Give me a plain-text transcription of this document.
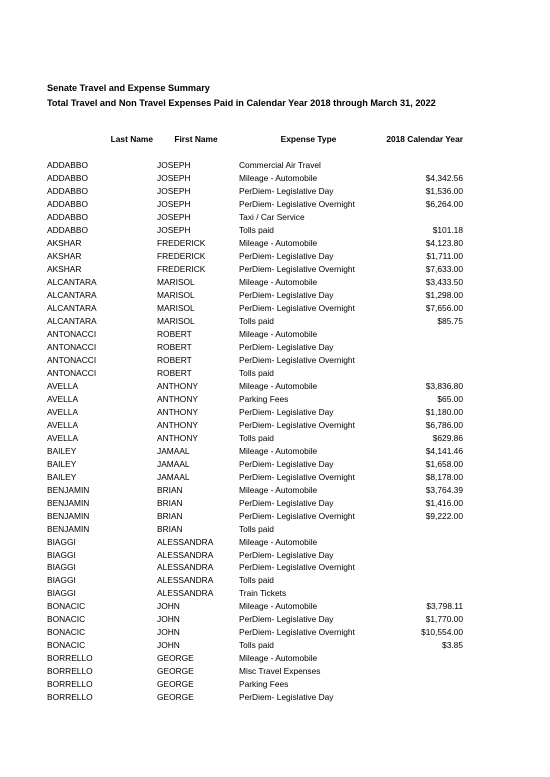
Senate Travel and Expense Summary
Total Travel and Non Travel Expenses Paid in Calendar Year 2018 through March 31, 2022
Last Name	First Name	Expense Type	2018 Calendar Year

ADDABBO	JOSEPH	Commercial Air Travel	
ADDABBO	JOSEPH	Mileage - Automobile	$4,342.56
ADDABBO	JOSEPH	PerDiem- Legislative Day	$1,536.00
ADDABBO	JOSEPH	PerDiem- Legislative Overnight	$6,264.00
ADDABBO	JOSEPH	Taxi / Car Service	
ADDABBO	JOSEPH	Tolls paid	$101.18
AKSHAR	FREDERICK	Mileage - Automobile	$4,123.80
AKSHAR	FREDERICK	PerDiem- Legislative Day	$1,711.00
AKSHAR	FREDERICK	PerDiem- Legislative Overnight	$7,633.00
ALCANTARA	MARISOL	Mileage - Automobile	$3,433.50
ALCANTARA	MARISOL	PerDiem- Legislative Day	$1,298.00
ALCANTARA	MARISOL	PerDiem- Legislative Overnight	$7,656.00
ALCANTARA	MARISOL	Tolls paid	$85.75
ANTONACCI	ROBERT	Mileage - Automobile	
ANTONACCI	ROBERT	PerDiem- Legislative Day	
ANTONACCI	ROBERT	PerDiem- Legislative Overnight	
ANTONACCI	ROBERT	Tolls paid	
AVELLA	ANTHONY	Mileage - Automobile	$3,836.80
AVELLA	ANTHONY	Parking Fees	$65.00
AVELLA	ANTHONY	PerDiem- Legislative Day	$1,180.00
AVELLA	ANTHONY	PerDiem- Legislative Overnight	$6,786.00
AVELLA	ANTHONY	Tolls paid	$629.86
BAILEY	JAMAAL	Mileage - Automobile	$4,141.46
BAILEY	JAMAAL	PerDiem- Legislative Day	$1,658.00
BAILEY	JAMAAL	PerDiem- Legislative Overnight	$8,178.00
BENJAMIN	BRIAN	Mileage - Automobile	$3,764.39
BENJAMIN	BRIAN	PerDiem- Legislative Day	$1,416.00
BENJAMIN	BRIAN	PerDiem- Legislative Overnight	$9,222.00
BENJAMIN	BRIAN	Tolls paid	
BIAGGI	ALESSANDRA	Mileage - Automobile	
BIAGGI	ALESSANDRA	PerDiem- Legislative Day	
BIAGGI	ALESSANDRA	PerDiem- Legislative Overnight	
BIAGGI	ALESSANDRA	Tolls paid	
BIAGGI	ALESSANDRA	Train Tickets	
BONACIC	JOHN	Mileage - Automobile	$3,798.11
BONACIC	JOHN	PerDiem- Legislative Day	$1,770.00
BONACIC	JOHN	PerDiem- Legislative Overnight	$10,554.00
BONACIC	JOHN	Tolls paid	$3.85
BORRELLO	GEORGE	Mileage - Automobile	
BORRELLO	GEORGE	Misc Travel Expenses	
BORRELLO	GEORGE	Parking Fees	
BORRELLO	GEORGE	PerDiem- Legislative Day	
